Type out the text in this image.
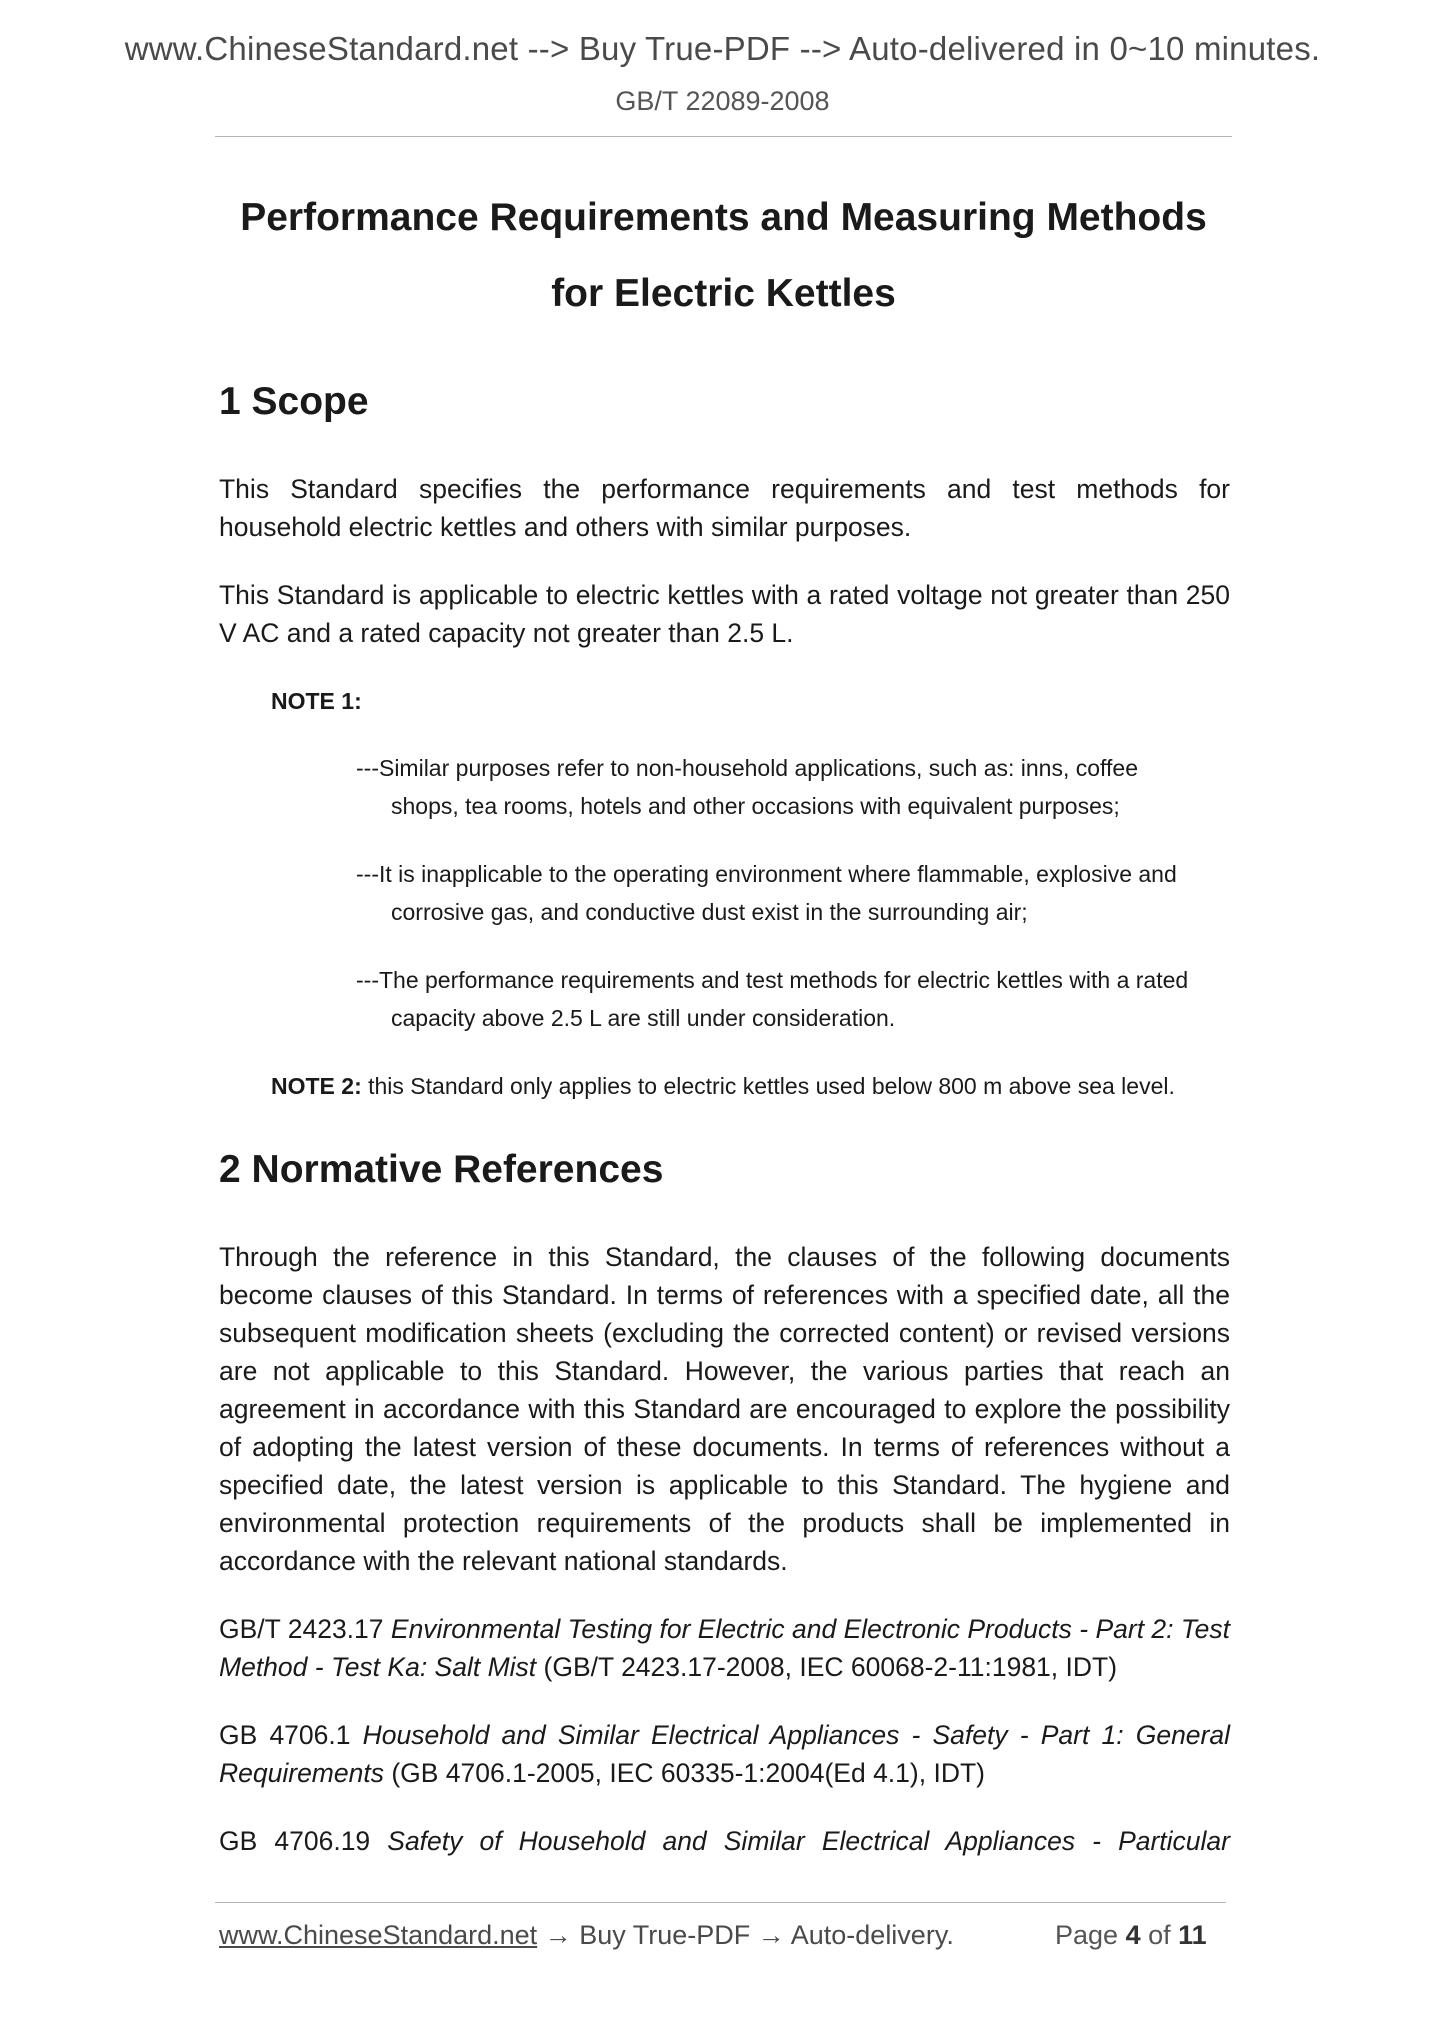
www.ChineseStandard.net --> Buy True-PDF --> Auto-delivered in 0~10 minutes.
GB/T 22089-2008
Performance Requirements and Measuring Methods
for Electric Kettles
1 Scope

This Standard specifies the performance requirements and test methods for household electric kettles and others with similar purposes.

This Standard is applicable to electric kettles with a rated voltage not greater than 250 V AC and a rated capacity not greater than 2.5 L.

NOTE 1:

---Similar purposes refer to non-household applications, such as: inns, coffee
shops, tea rooms, hotels and other occasions with equivalent purposes;

---It is inapplicable to the operating environment where flammable, explosive and
corrosive gas, and conductive dust exist in the surrounding air;

---The performance requirements and test methods for electric kettles with a rated
capacity above 2.5 L are still under consideration.

NOTE 2: this Standard only applies to electric kettles used below 800 m above sea level.

2 Normative References

Through the reference in this Standard, the clauses of the following documents become clauses of this Standard. In terms of references with a specified date, all the subsequent modification sheets (excluding the corrected content) or revised versions are not applicable to this Standard. However, the various parties that reach an agreement in accordance with this Standard are encouraged to explore the possibility of adopting the latest version of these documents. In terms of references without a specified date, the latest version is applicable to this Standard. The hygiene and environmental protection requirements of the products shall be implemented in accordance with the relevant national standards.

GB/T 2423.17 Environmental Testing for Electric and Electronic Products - Part 2: Test Method - Test Ka: Salt Mist (GB/T 2423.17-2008, IEC 60068-2-11:1981, IDT)

GB 4706.1 Household and Similar Electrical Appliances - Safety - Part 1: General Requirements (GB 4706.1-2005, IEC 60335-1:2004(Ed 4.1), IDT)

GB 4706.19 Safety of Household and Similar Electrical Appliances - Particular

www.ChineseStandard.net → Buy True-PDF → Auto-delivery.	Page 4 of 11
